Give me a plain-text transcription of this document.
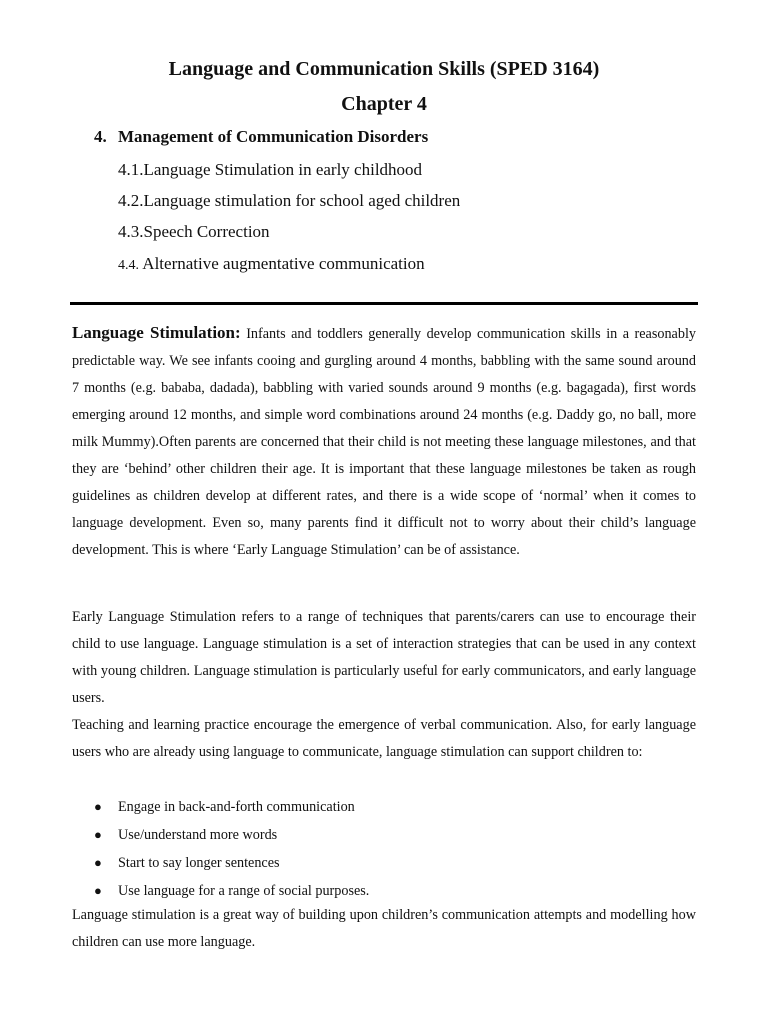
Language and Communication Skills (SPED 3164)
Chapter 4
4. Management of Communication Disorders
4.1.Language Stimulation in early childhood
4.2.Language stimulation for school aged children
4.3.Speech Correction
4.4. Alternative augmentative communication

Language Stimulation: Infants and toddlers generally develop communication skills in a reasonably predictable way. We see infants cooing and gurgling around 4 months, babbling with the same sound around 7 months (e.g. bababa, dadada), babbling with varied sounds around 9 months (e.g. bagagada), first words emerging around 12 months, and simple word combinations around 24 months (e.g. Daddy go, no ball, more milk Mummy).Often parents are concerned that their child is not meeting these language milestones, and that they are ‘behind’ other children their age. It is important that these language milestones be taken as rough guidelines as children develop at different rates, and there is a wide scope of ‘normal’ when it comes to language development. Even so, many parents find it difficult not to worry about their child’s language development. This is where ‘Early Language Stimulation’ can be of assistance.

Early Language Stimulation refers to a range of techniques that parents/carers can use to encourage their child to use language. Language stimulation is a set of interaction strategies that can be used in any context with young children. Language stimulation is particularly useful for early communicators, and early language users.

Teaching and learning practice encourage the emergence of verbal communication. Also, for early language users who are already using language to communicate, language stimulation can support children to:

● Engage in back-and-forth communication
● Use/understand more words
● Start to say longer sentences
● Use language for a range of social purposes.

Language stimulation is a great way of building upon children’s communication attempts and modelling how children can use more language.
